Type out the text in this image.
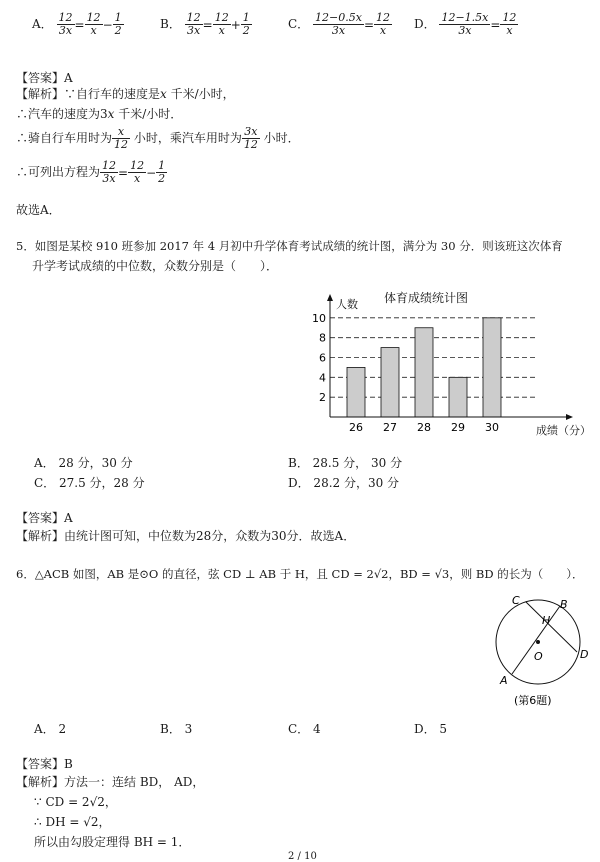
A． $\frac{12}{3x} = \frac{12}{x} - \frac{1}{2}$	B． $\frac{12}{3x} = \frac{12}{x} + \frac{1}{2}$	C． $\frac{12-0.5x}{3x} = \frac{12}{x}$ D． $\frac{12-1.5x}{3x} = \frac{12}{x}$
【答案】A
【解析】∵自行车的速度是x 千米/小时，
∴汽车的速度为3x 千米/小时．
∴骑自行车用时为 $\frac{x}{12}$ 小时，乘汽车用时为 $\frac{3x}{12}$ 小时．
∴可列出方程为 $\frac{12}{3x} = \frac{12}{x} - \frac{1}{2}$
故选A．
5．如图是某校 910 班参加 2017 年 4 月初中升学体育考试成绩的统计图，满分为 30 分．则该班这次体育
升学考试成绩的中位数，众数分别是（　　）．
体育成绩统计图
人数
成绩（分）
2
4
6
8
10
26 27 28 29 30
A． 28 分，30 分	B． 28.5 分， 30 分
C． 27.5 分，28 分	D． 28.2 分，30 分
【答案】A
【解析】由统计图可知，中位数为28分，众数为30分．故选A．
6．△ACB 如图，AB 是⊙O 的直径，弦 CD ⊥ AB 于 H，且 CD = 2√2，BD = √3，则 BD 的长为（　　）．
C	B
H
O	D
A
(第6题)
A． 2	B． 3	C． 4	D． 5
【答案】B
【解析】方法一：连结 BD， AD，
∵ CD = 2√2，
∴ DH = √2，
所以由勾股定理得 BH = 1．
2 / 10
